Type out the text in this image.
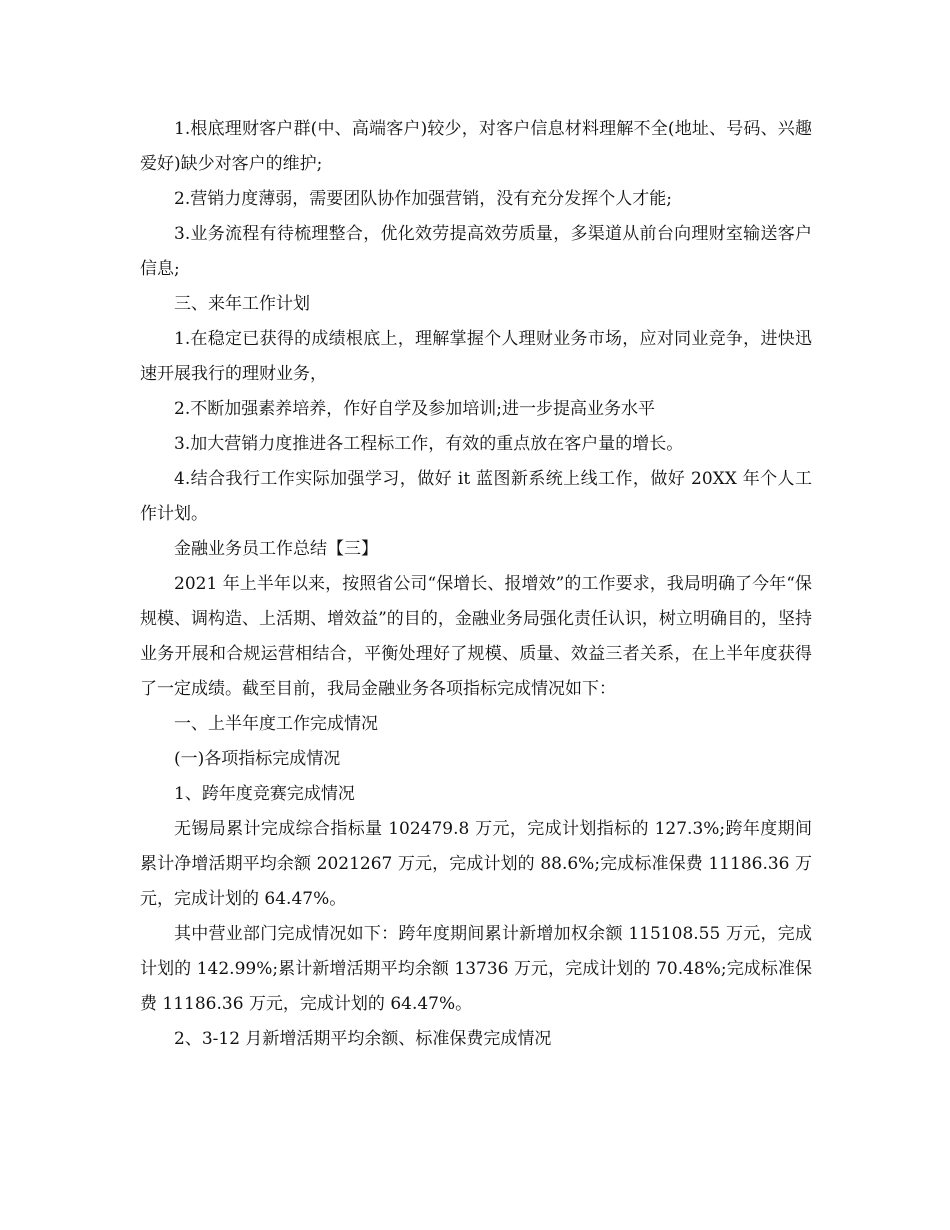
1.根底理财客户群(中、高端客户)较少，对客户信息材料理解不全(地址、号码、兴趣爱好)缺少对客户的维护;

2.营销力度薄弱，需要团队协作加强营销，没有充分发挥个人才能;

3.业务流程有待梳理整合，优化效劳提高效劳质量，多渠道从前台向理财室输送客户信息;

三、来年工作计划

1.在稳定已获得的成绩根底上，理解掌握个人理财业务市场，应对同业竞争，进快迅速开展我行的理财业务，

2.不断加强素养培养，作好自学及参加培训;进一步提高业务水平

3.加大营销力度推进各工程标工作，有效的重点放在客户量的增长。

4.结合我行工作实际加强学习，做好 it 蓝图新系统上线工作，做好 20XX 年个人工作计划。

金融业务员工作总结【三】

2021 年上半年以来，按照省公司“保增长、报增效”的工作要求，我局明确了今年“保规模、调构造、上活期、增效益”的目的，金融业务局强化责任认识，树立明确目的，坚持业务开展和合规运营相结合，平衡处理好了规模、质量、效益三者关系，在上半年度获得了一定成绩。截至目前，我局金融业务各项指标完成情况如下：

一、上半年度工作完成情况

(一)各项指标完成情况

1、跨年度竞赛完成情况

无锡局累计完成综合指标量 102479.8 万元，完成计划指标的 127.3%;跨年度期间累计净增活期平均余额 2021267 万元，完成计划的 88.6%;完成标准保费 11186.36 万元，完成计划的 64.47%。

其中营业部门完成情况如下：跨年度期间累计新增加权余额 115108.55 万元，完成计划的 142.99%;累计新增活期平均余额 13736 万元，完成计划的 70.48%;完成标准保费 11186.36 万元，完成计划的 64.47%。

2、3-12 月新增活期平均余额、标准保费完成情况
